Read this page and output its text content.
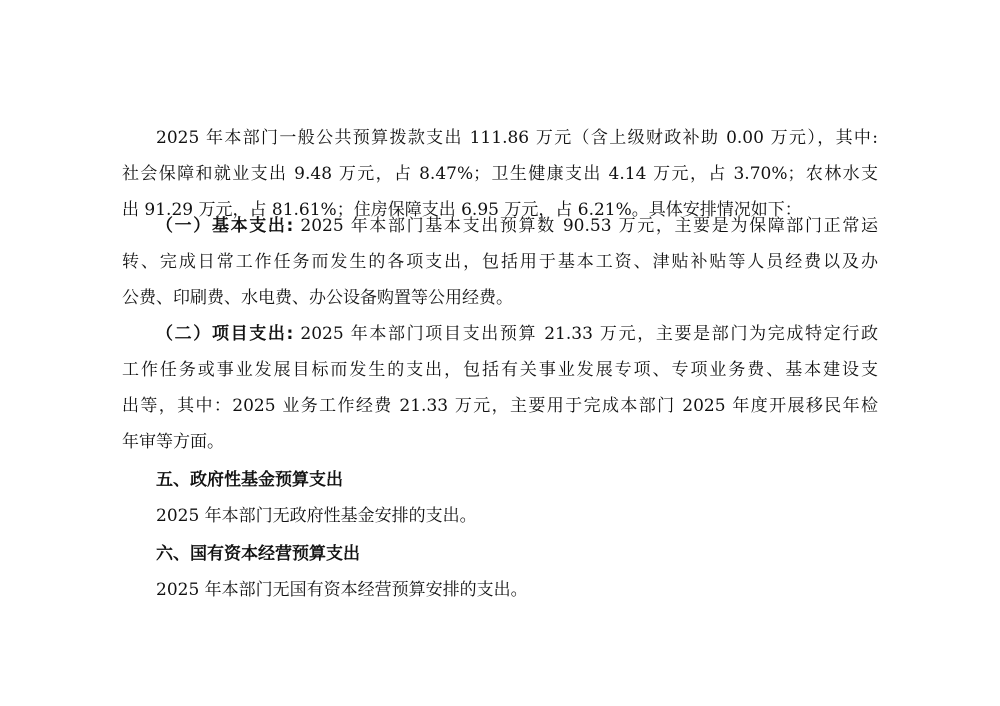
2025 年本部门一般公共预算拨款支出 111.86 万元（含上级财政补助 0.00 万元），其中:
社会保障和就业支出 9.48 万元，占 8.47%；卫生健康支出 4.14 万元，占 3.70%；农林水支
出 91.29 万元，占 81.61%；住房保障支出 6.95 万元，占 6.21%。具体安排情况如下：
（一）基本支出: 2025 年本部门基本支出预算数 90.53 万元，主要是为保障部门正常运
转、完成日常工作任务而发生的各项支出，包括用于基本工资、津贴补贴等人员经费以及办
公费、印刷费、水电费、办公设备购置等公用经费。
（二）项目支出: 2025 年本部门项目支出预算 21.33 万元，主要是部门为完成特定行政
工作任务或事业发展目标而发生的支出，包括有关事业发展专项、专项业务费、基本建设支
出等，其中：2025 业务工作经费 21.33 万元，主要用于完成本部门 2025 年度开展移民年检
年审等方面。
五、政府性基金预算支出
2025 年本部门无政府性基金安排的支出。
六、国有资本经营预算支出
2025 年本部门无国有资本经营预算安排的支出。
